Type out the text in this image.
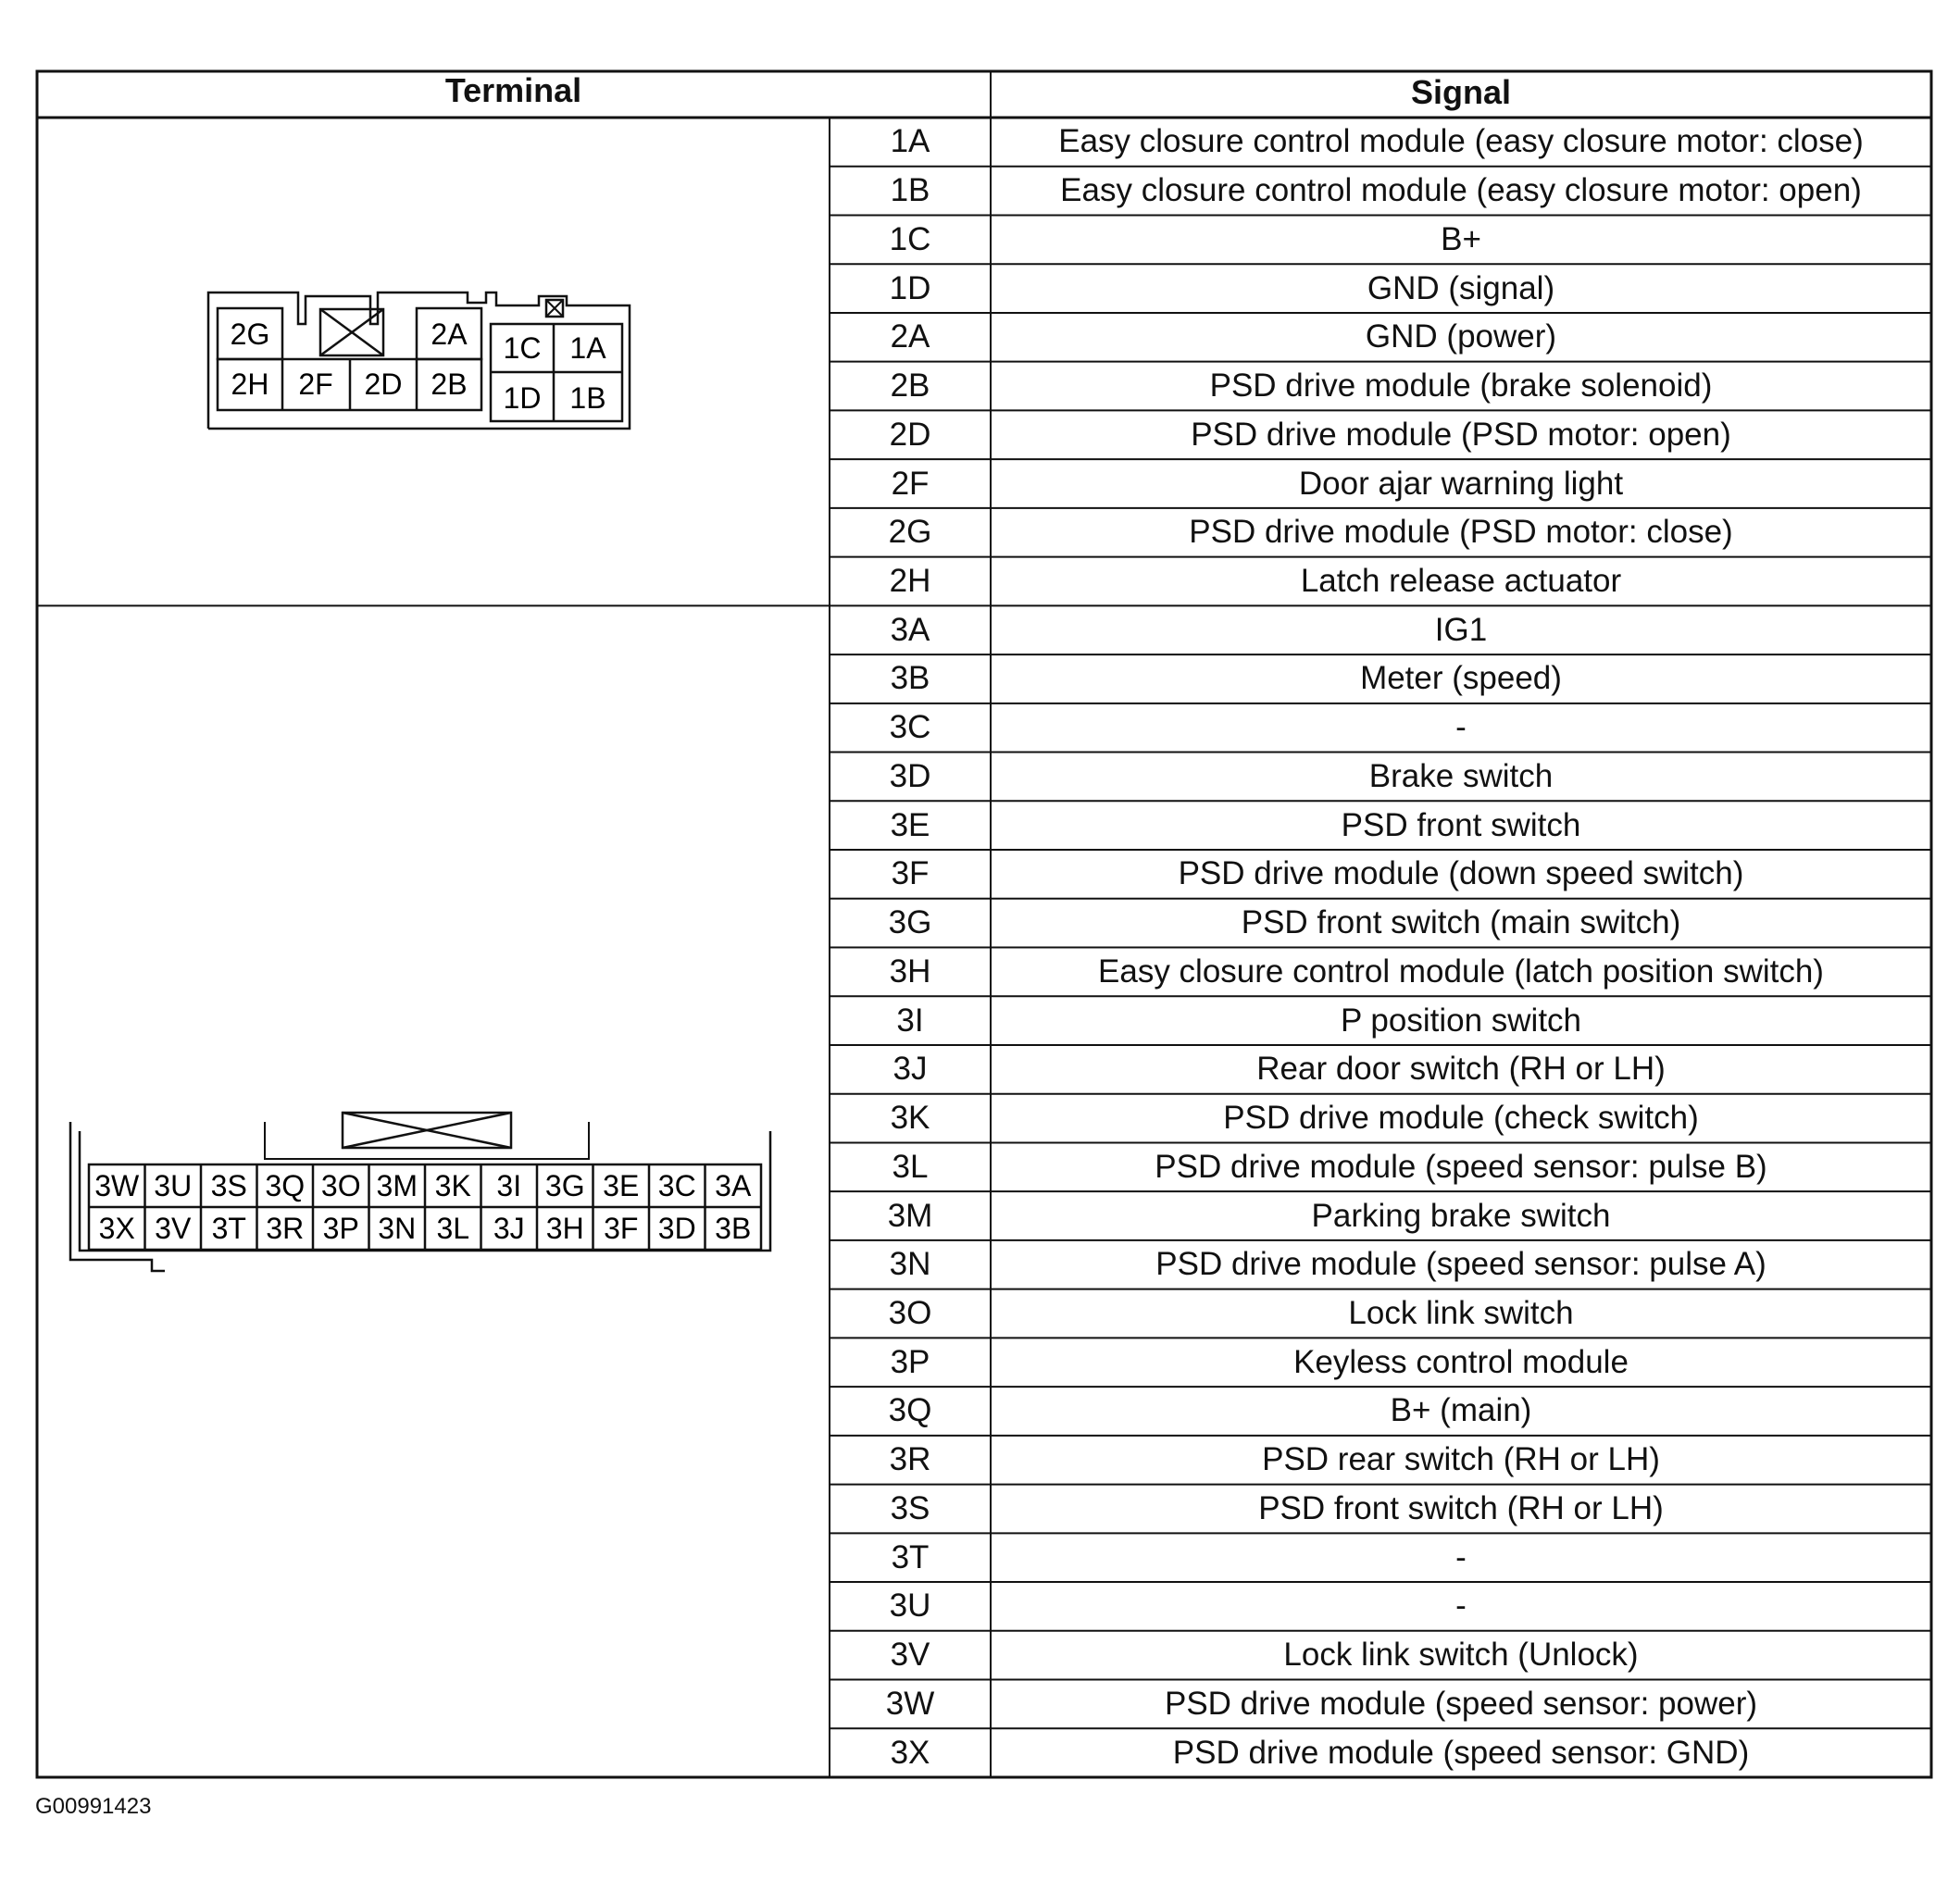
2G	2A
2H 2F 2D 2B
1C 1A
1D 1B
3W 3U 3S 3Q 3O 3M 3K 3I 3G 3E 3C 3A
3X 3V 3T 3R 3P 3N 3L 3J 3H 3F 3D 3B
1A	Easy closure control module (easy closure motor: close)
1B	Easy closure control module (easy closure motor: open)
1C	B+
1D	GND (signal)
2A	GND (power)
2B	PSD drive module (brake solenoid)
2D	PSD drive module (PSD motor: open)
2F	Door ajar warning light
2G	PSD drive module (PSD motor: close)
2H	Latch release actuator
3A	IG1
3B	Meter (speed)
3C	-
3D	Brake switch
3E	PSD front switch
3F	PSD drive module (down speed switch)
3G	PSD front switch (main switch)
3H	Easy closure control module (latch position switch)
3I	P position switch
3J	Rear door switch (RH or LH)
3K	PSD drive module (check switch)
3L	PSD drive module (speed sensor: pulse B)
3M	Parking brake switch
3N	PSD drive module (speed sensor: pulse A)
3O	Lock link switch
3P	Keyless control module
3Q	B+ (main)
3R	PSD rear switch (RH or LH)
3S	PSD front switch (RH or LH)
3T	-
3U	-
3V	Lock link switch (Unlock)
3W	PSD drive module (speed sensor: power)
3X	PSD drive module (speed sensor: GND)
Terminal	Signal
G00991423
